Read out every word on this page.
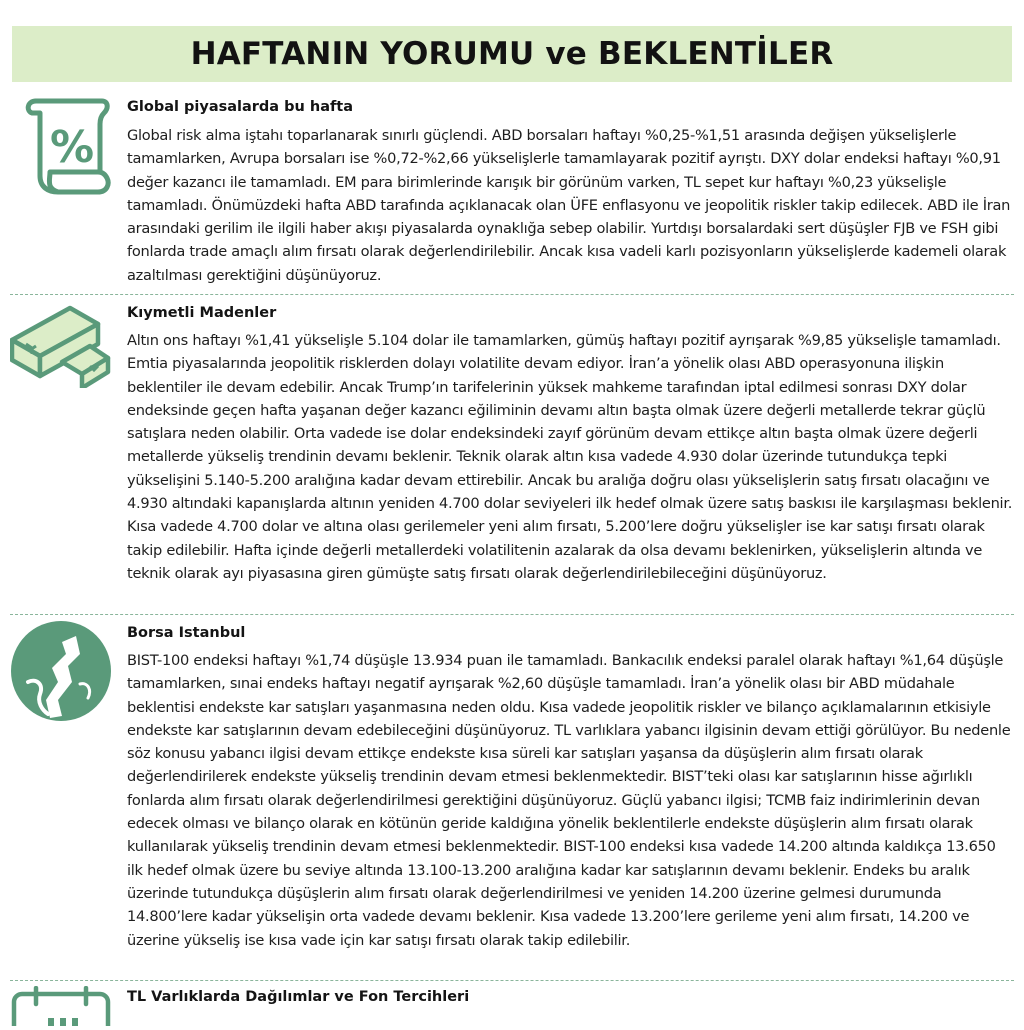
HAFTANIN YORUMU ve BEKLENTİLER
%
Global piyasalarda bu hafta

Global risk alma iştahı toparlanarak sınırlı güçlendi. ABD borsaları haftayı %0,25-%1,51 arasında değişen yükselişlerle tamamlarken, Avrupa borsaları ise %0,72-%2,66 yükselişlerle tamamlayarak pozitif ayrıştı. DXY dolar endeksi haftayı %0,91 değer kazancı ile tamamladı. EM para birimlerinde karışık bir görünüm varken, TL sepet kur haftayı %0,23 yükselişle tamamladı. Önümüzdeki hafta ABD tarafında açıklanacak olan ÜFE enflasyonu ve jeopolitik riskler takip edilecek. ABD ile İran arasındaki gerilim ile ilgili haber akışı piyasalarda oynaklığa sebep olabilir. Yurtdışı borsalardaki sert düşüşler FJB ve FSH gibi fonlarda trade amaçlı alım fırsatı olarak değerlendirilebilir. Ancak kısa vadeli karlı pozisyonların yükselişlerde kademeli olarak azaltılması gerektiğini düşünüyoruz.

Kıymetli Madenler

Altın ons haftayı %1,41 yükselişle 5.104 dolar ile tamamlarken, gümüş haftayı pozitif ayrışarak %9,85 yükselişle tamamladı. Emtia piyasalarında jeopolitik risklerden dolayı volatilite devam ediyor. İran’a yönelik olası ABD operasyonuna ilişkin beklentiler ile devam edebilir. Ancak Trump’ın tarifelerinin yüksek mahkeme tarafından iptal edilmesi sonrası DXY dolar endeksinde geçen hafta yaşanan değer kazancı eğiliminin devamı altın başta olmak üzere değerli metallerde tekrar güçlü satışlara neden olabilir. Orta vadede ise dolar endeksindeki zayıf görünüm devam ettikçe altın başta olmak üzere değerli metallerde yükseliş trendinin devamı beklenir. Teknik olarak altın kısa vadede 4.930 dolar üzerinde tutundukça tepki yükselişini 5.140-5.200 aralığına kadar devam ettirebilir. Ancak bu aralığa doğru olası yükselişlerin satış fırsatı olacağını ve 4.930 altındaki kapanışlarda altının yeniden 4.700 dolar seviyeleri ilk hedef olmak üzere satış baskısı ile karşılaşması beklenir. Kısa vadede 4.700 dolar ve altına olası gerilemeler yeni alım fırsatı, 5.200’lere doğru yükselişler ise kar satışı fırsatı olarak takip edilebilir. Hafta içinde değerli metallerdeki volatilitenin azalarak da olsa devamı beklenirken, yükselişlerin altında ve teknik olarak ayı piyasasına giren gümüşte satış fırsatı olarak değerlendirilebileceğini düşünüyoruz.

Borsa Istanbul

BIST-100 endeksi haftayı %1,74 düşüşle 13.934 puan ile tamamladı. Bankacılık endeksi paralel olarak haftayı %1,64 düşüşle tamamlarken, sınai endeks haftayı negatif ayrışarak %2,60 düşüşle tamamladı. İran’a yönelik olası bir ABD müdahale beklentisi endekste kar satışları yaşanmasına neden oldu. Kısa vadede jeopolitik riskler ve bilanço açıklamalarının etkisiyle endekste kar satışlarının devam edebileceğini düşünüyoruz. TL varlıklara yabancı ilgisinin devam ettiği görülüyor. Bu nedenle söz konusu yabancı ilgisi devam ettikçe endekste kısa süreli kar satışları yaşansa da düşüşlerin alım fırsatı olarak değerlendirilerek endekste yükseliş trendinin devam etmesi beklenmektedir. BIST’teki olası kar satışlarının hisse ağırlıklı fonlarda alım fırsatı olarak değerlendirilmesi gerektiğini düşünüyoruz. Güçlü yabancı ilgisi; TCMB faiz indirimlerinin devan edecek olması ve bilanço olarak en kötünün geride kaldığına yönelik beklentilerle endekste düşüşlerin alım fırsatı olarak kullanılarak yükseliş trendinin devam etmesi beklenmektedir. BIST-100 endeksi kısa vadede 14.200 altında kaldıkça 13.650 ilk hedef olmak üzere bu seviye altında 13.100-13.200 aralığına kadar kar satışlarının devamı beklenir. Endeks bu aralık üzerinde tutundukça düşüşlerin alım fırsatı olarak değerlendirilmesi ve yeniden 14.200 üzerine gelmesi durumunda 14.800’lere kadar yükselişin orta vadede devamı beklenir. Kısa vadede 13.200’lere gerileme yeni alım fırsatı, 14.200 ve üzerine yükseliş ise kısa vade için kar satışı fırsatı olarak takip edilebilir.

TL Varlıklarda Dağılımlar ve Fon Tercihleri
